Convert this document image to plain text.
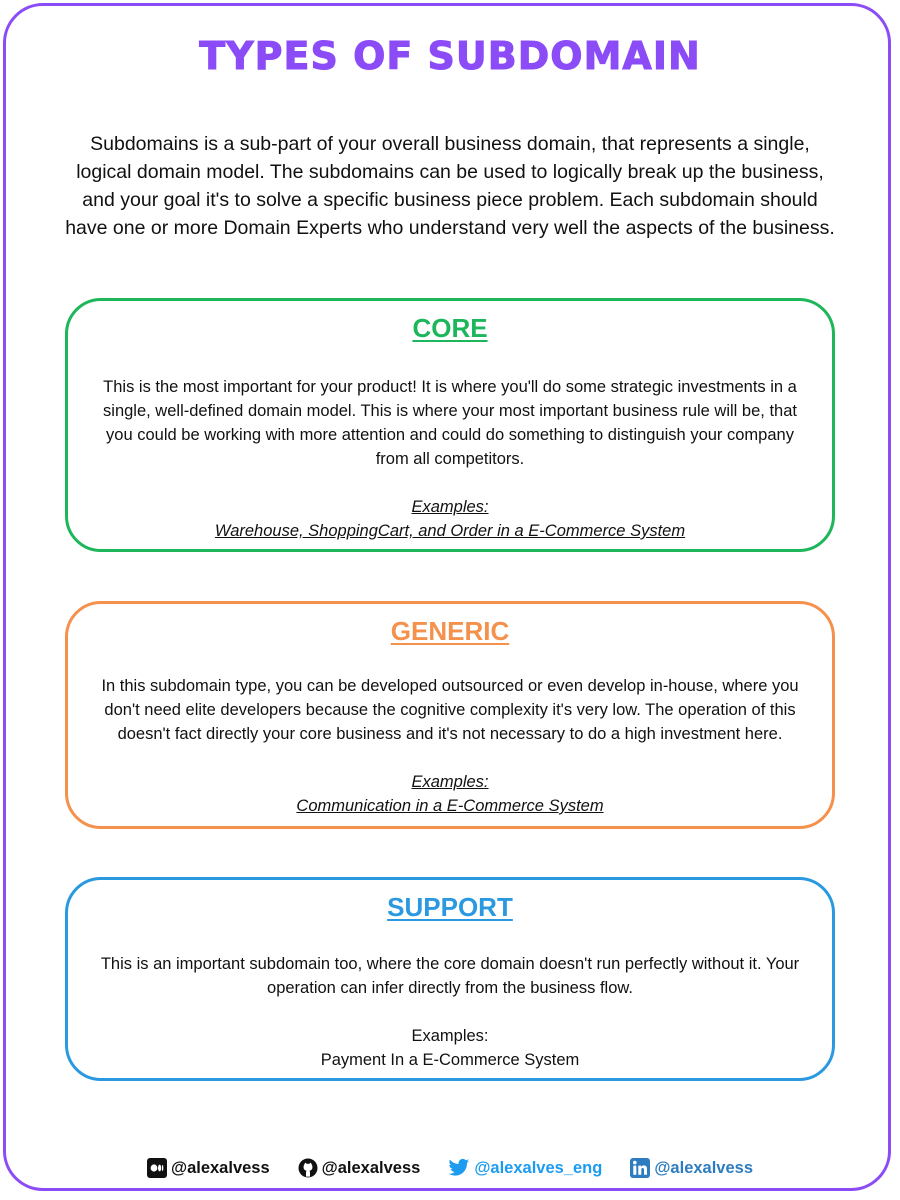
TYPES OF SUBDOMAIN
Subdomains is a sub-part of your overall business domain, that represents a single, logical domain model. The subdomains can be used to logically break up the business, and your goal it's to solve a specific business piece problem. Each subdomain should have one or more Domain Experts who understand very well the aspects of the business.
CORE

This is the most important for your product! It is where you'll do some strategic investments in a single, well-defined domain model. This is where your most important business rule will be, that you could be working with more attention and could do something to distinguish your company from all competitors.

Examples:
Warehouse, ShoppingCart, and Order in a E-Commerce System
GENERIC

In this subdomain type, you can be developed outsourced or even develop in-house, where you don't need elite developers because the cognitive complexity it's very low. The operation of this doesn't fact directly your core business and it's not necessary to do a high investment here.

Examples:
Communication in a E-Commerce System
SUPPORT

This is an important subdomain too, where the core domain doesn't run perfectly without it. Your operation can infer directly from the business flow.

Examples:
Payment In a E-Commerce System
@alexalvess	@alexalvess	@alexalves_eng	@alexalvess
